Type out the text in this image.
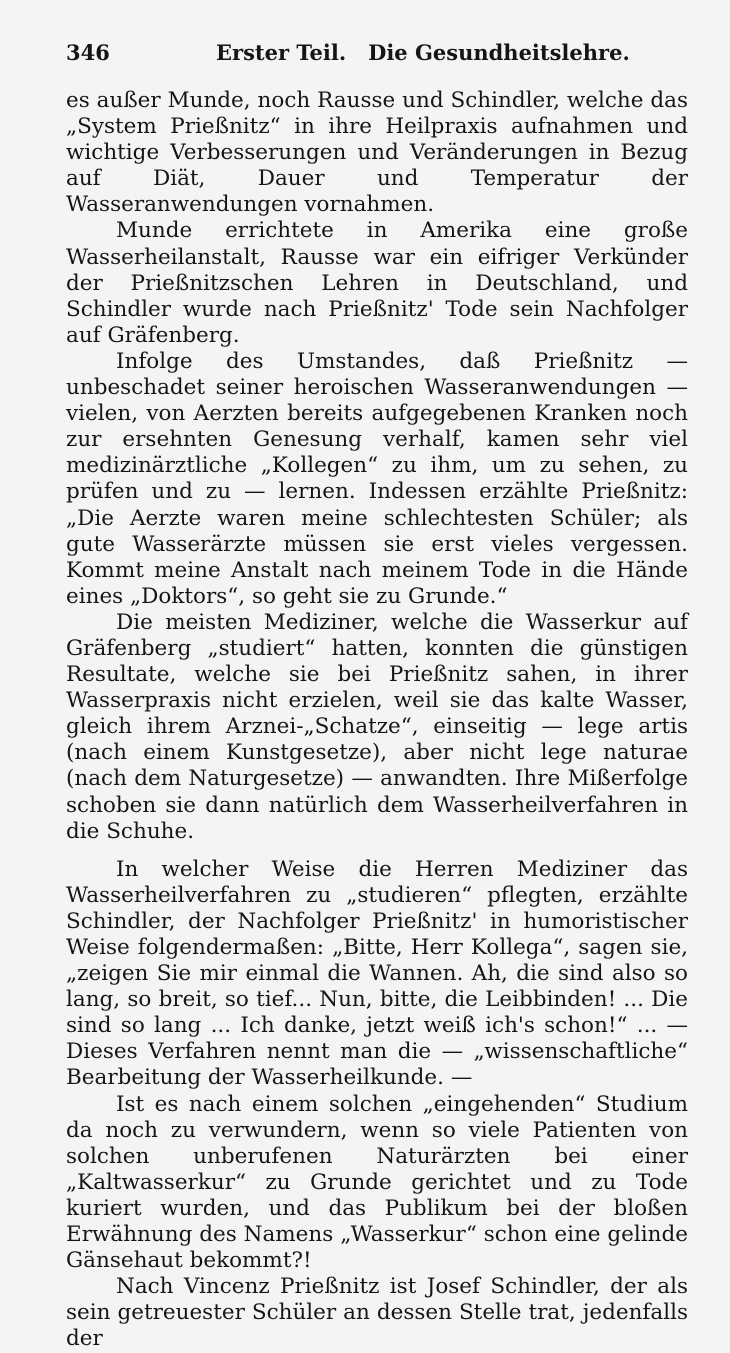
346	Erster Teil.   Die Gesundheitslehre.

es außer Munde, noch Rausse und Schindler, welche das „System Prießnitz“ in ihre Heilpraxis aufnahmen und wichtige Verbesserungen und Veränderungen in Bezug auf Diät, Dauer und Temperatur der Wasseranwendungen vornahmen.

Munde errichtete in Amerika eine große Wasserheilanstalt, Rausse war ein eifriger Verkünder der Prießnitzschen Lehren in Deutschland, und Schindler wurde nach Prießnitz' Tode sein Nachfolger auf Gräfenberg.

Infolge des Umstandes, daß Prießnitz — unbeschadet seiner heroischen Wasseranwendungen — vielen, von Aerzten bereits aufgegebenen Kranken noch zur ersehnten Genesung verhalf, kamen sehr viel medizinärztliche „Kollegen“ zu ihm, um zu sehen, zu prüfen und zu — lernen. Indessen erzählte Prießnitz: „Die Aerzte waren meine schlechtesten Schüler; als gute Wasserärzte müssen sie erst vieles vergessen. Kommt meine Anstalt nach meinem Tode in die Hände eines „Doktors“, so geht sie zu Grunde.“

Die meisten Mediziner, welche die Wasserkur auf Gräfenberg „studiert“ hatten, konnten die günstigen Resultate, welche sie bei Prießnitz sahen, in ihrer Wasserpraxis nicht erzielen, weil sie das kalte Wasser, gleich ihrem Arznei-„Schatze“, einseitig — lege artis (nach einem Kunstgesetze), aber nicht lege naturae (nach dem Naturgesetze) — anwandten. Ihre Mißerfolge schoben sie dann natürlich dem Wasserheilverfahren in die Schuhe.

In welcher Weise die Herren Mediziner das Wasserheilverfahren zu „studieren“ pflegten, erzählte Schindler, der Nachfolger Prießnitz' in humoristischer Weise folgendermaßen: „Bitte, Herr Kollega“, sagen sie, „zeigen Sie mir einmal die Wannen. Ah, die sind also so lang, so breit, so tief... Nun, bitte, die Leibbinden! ... Die sind so lang ... Ich danke, jetzt weiß ich's schon!“ ... — Dieses Verfahren nennt man die — „wissenschaftliche“ Bearbeitung der Wasserheilkunde. —

Ist es nach einem solchen „eingehenden“ Studium da noch zu verwundern, wenn so viele Patienten von solchen unberufenen Naturärzten bei einer „Kaltwasserkur“ zu Grunde gerichtet und zu Tode kuriert wurden, und das Publikum bei der bloßen Erwähnung des Namens „Wasserkur“ schon eine gelinde Gänsehaut bekommt?!

Nach Vincenz Prießnitz ist Josef Schindler, der als sein getreuester Schüler an dessen Stelle trat, jedenfalls der
